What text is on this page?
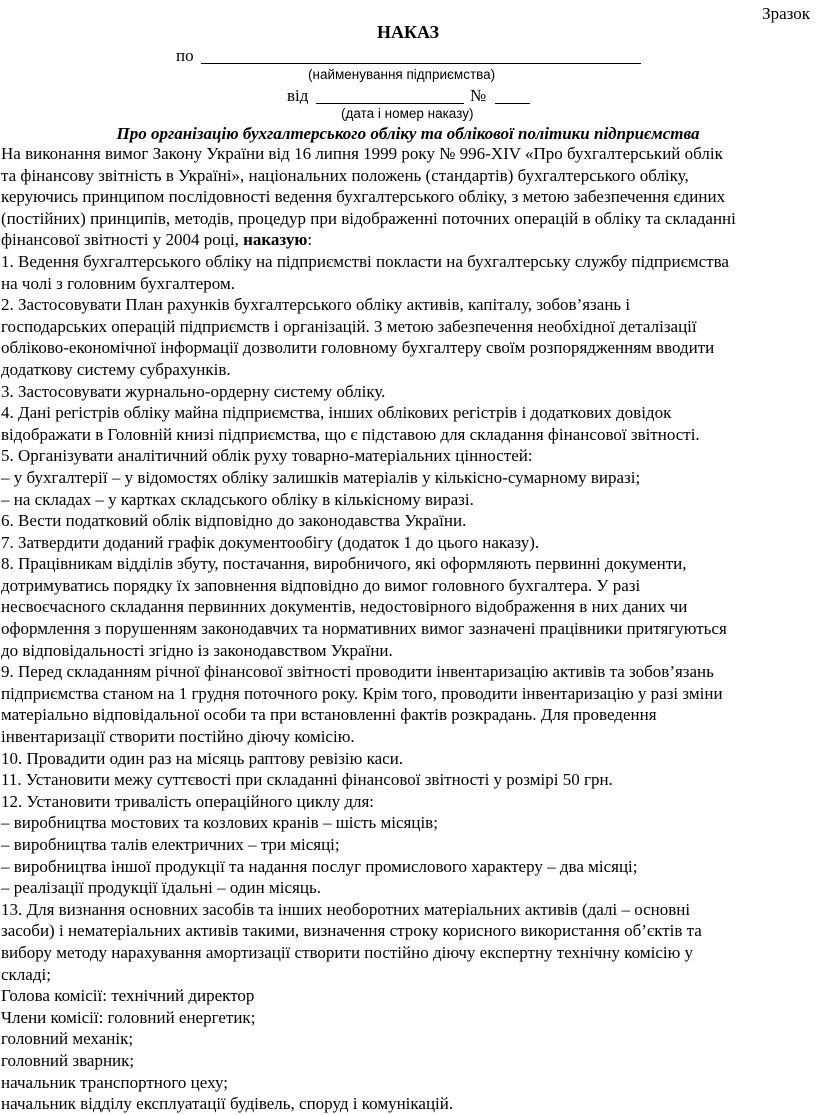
Зразок
НАКАЗ
по
(найменування підприємства)
від	№
(дата і номер наказу)
Про організацію бухгалтерського обліку та облікової політики підприємства
На виконання вимог Закону України від 16 липня 1999 року № 996-XIV «Про бухгалтерський облік
та фінансову звітність в Україні», національних положень (стандартів) бухгалтерського обліку,
керуючись принципом послідовності ведення бухгалтерського обліку, з метою забезпечення єдиних
(постійних) принципів, методів, процедур при відображенні поточних операцій в обліку та складанні
фінансової звітності у 2004 році, наказую:
1. Ведення бухгалтерського обліку на підприємстві покласти на бухгалтерську службу підприємства
на чолі з головним бухгалтером.
2. Застосовувати План рахунків бухгалтерського обліку активів, капіталу, зобов’язань і
господарських операцій підприємств і організацій. З метою забезпечення необхідної деталізації
обліково-економічної інформації дозволити головному бухгалтеру своїм розпорядженням вводити
додаткову систему субрахунків.
3. Застосовувати журнально-ордерну систему обліку.
4. Дані регістрів обліку майна підприємства, інших облікових регістрів і додаткових довідок
відображати в Головній книзі підприємства, що є підставою для складання фінансової звітності.
5. Організувати аналітичний облік руху товарно-матеріальних цінностей:
– у бухгалтерії – у відомостях обліку залишків матеріалів у кількісно-сумарному виразі;
– на складах – у картках складського обліку в кількісному виразі.
6. Вести податковий облік відповідно до законодавства України.
7. Затвердити доданий графік документообігу (додаток 1 до цього наказу).
8. Працівникам відділів збуту, постачання, виробничого, які оформляють первинні документи,
дотримуватись порядку їх заповнення відповідно до вимог головного бухгалтера. У разі
несвоєчасного складання первинних документів, недостовірного відображення в них даних чи
оформлення з порушенням законодавчих та нормативних вимог зазначені працівники притягуються
до відповідальності згідно із законодавством України.
9. Перед складанням річної фінансової звітності проводити інвентаризацію активів та зобов’язань
підприємства станом на 1 грудня поточного року. Крім того, проводити інвентаризацію у разі зміни
матеріально відповідальної особи та при встановленні фактів розкрадань. Для проведення
інвентаризації створити постійно діючу комісію.
10. Провадити один раз на місяць раптову ревізію каси.
11. Установити межу суттєвості при складанні фінансової звітності у розмірі 50 грн.
12. Установити тривалість операційного циклу для:
– виробництва мостових та козлових кранів – шість місяців;
– виробництва талів електричних – три місяці;
– виробництва іншої продукції та надання послуг промислового характеру – два місяці;
– реалізації продукції їдальні – один місяць.
13. Для визнання основних засобів та інших необоротних матеріальних активів (далі – основні
засоби) і нематеріальних активів такими, визначення строку корисного використання об’єктів та
вибору методу нарахування амортизації створити постійно діючу експертну технічну комісію у
складі;
Голова комісії: технічний директор
Члени комісії: головний енергетик;
головний механік;
головний зварник;
начальник транспортного цеху;
начальник відділу експлуатації будівель, споруд і комунікацій.
